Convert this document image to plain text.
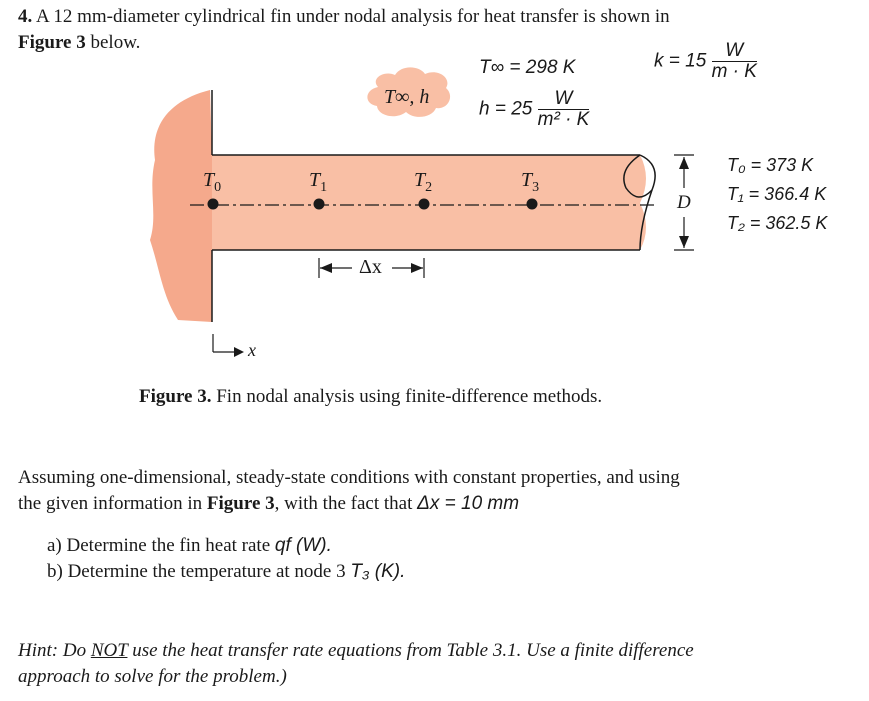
4. A 12 mm-diameter cylindrical fin under nodal analysis for heat transfer is shown in
Figure 3 below.
T∞ = 298 K	$k = 15 \frac{W}{m \cdot K}$
T∞, h
$h = 25 \frac{W}{\text{m² · K}}$
$T_0$	$T_1$	$T_2$	$T_3$
Δx
D
x
T₀ = 373 K
T₁ = 366.4 K
T₂ = 362.5 K
Figure 3. Fin nodal analysis using finite-difference methods.
Assuming one-dimensional, steady-state conditions with constant properties, and using
the given information in Figure 3, with the fact that Δx = 10 mm
a) Determine the fin heat rate qf (W).
b) Determine the temperature at node 3 T₃ (K).
Hint: Do NOT use the heat transfer rate equations from Table 3.1. Use a finite difference
approach to solve for the problem.)
